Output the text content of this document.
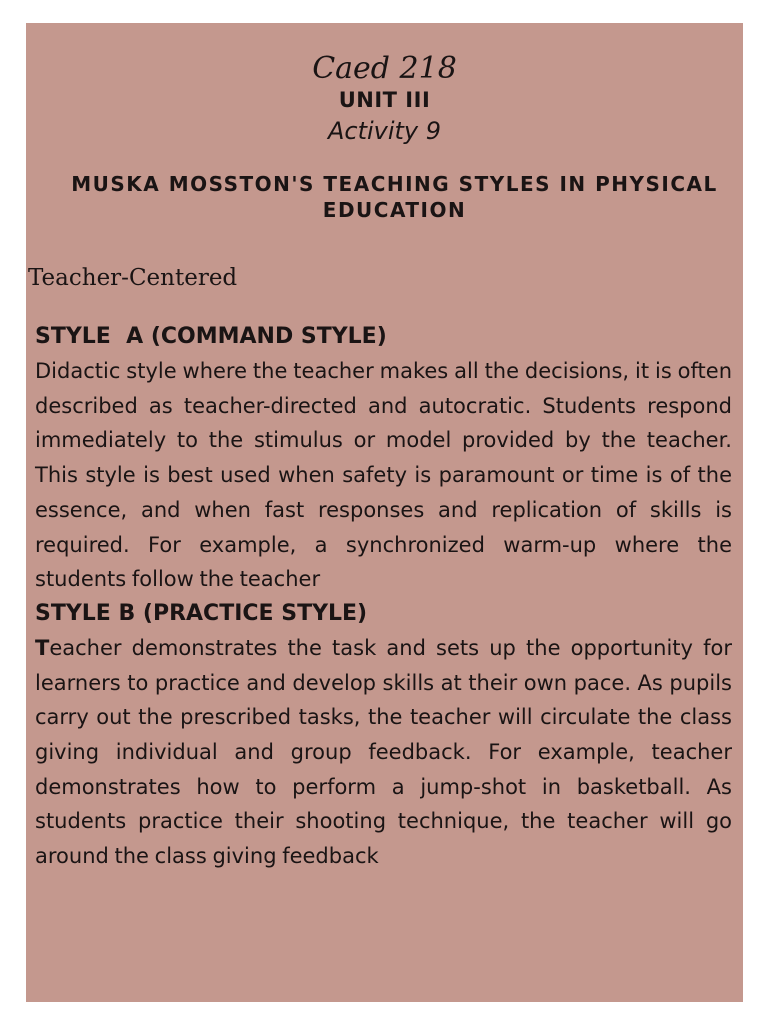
Caed 218

UNIT III

Activity 9

MUSKA MOSSTON'S TEACHING STYLES IN PHYSICAL EDUCATION

Teacher-Centered

STYLE  A (COMMAND STYLE)

Didactic style where the teacher makes all the decisions, it is often described as teacher-directed and autocratic. Students respond immediately to the stimulus or model provided by the teacher. This style is best used when safety is paramount or time is of the essence, and when fast responses and replication of skills is required. For example, a synchronized warm-up where the students follow the teacher

STYLE B (PRACTICE STYLE)

Teacher demonstrates the task and sets up the opportunity for learners to practice and develop skills at their own pace. As pupils carry out the prescribed tasks, the teacher will circulate the class giving individual and group feedback. For example, teacher demonstrates how to perform a jump-shot in basketball. As students practice their shooting technique, the teacher will go around the class giving feedback
